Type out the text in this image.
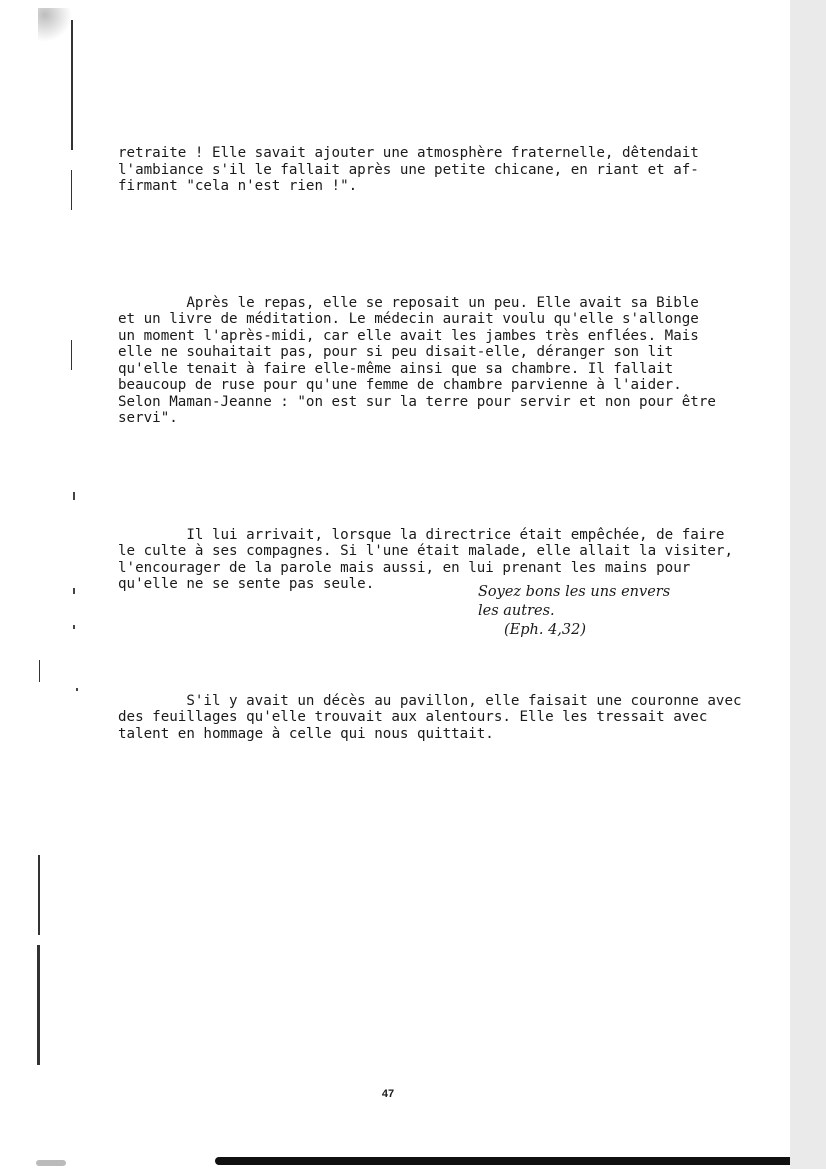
retraite ! Elle savait ajouter une atmosphère fraternelle, dêtendait
l'ambiance s'il le fallait après une petite chicane, en riant et af-
firmant "cela n'est rien !".

Après le repas, elle se reposait un peu. Elle avait sa Bible
et un livre de méditation. Le médecin aurait voulu qu'elle s'allonge
un moment l'après-midi, car elle avait les jambes très enflées. Mais
elle ne souhaitait pas, pour si peu disait-elle, déranger son lit
qu'elle tenait à faire elle-même ainsi que sa chambre. Il fallait
beaucoup de ruse pour qu'une femme de chambre parvienne à l'aider.
Selon Maman-Jeanne : "on est sur la terre pour servir et non pour être
servi".

Il lui arrivait, lorsque la directrice était empêchée, de faire
le culte à ses compagnes. Si l'une était malade, elle allait la visiter,
l'encourager de la parole mais aussi, en lui prenant les mains pour
qu'elle ne se sente pas seule.

S'il y avait un décès au pavillon, elle faisait une couronne avec
des feuillages qu'elle trouvait aux alentours. Elle les tressait avec
talent en hommage à celle qui nous quittait.

Soyez bons les uns envers
les autres.
(Eph. 4,32)
47
